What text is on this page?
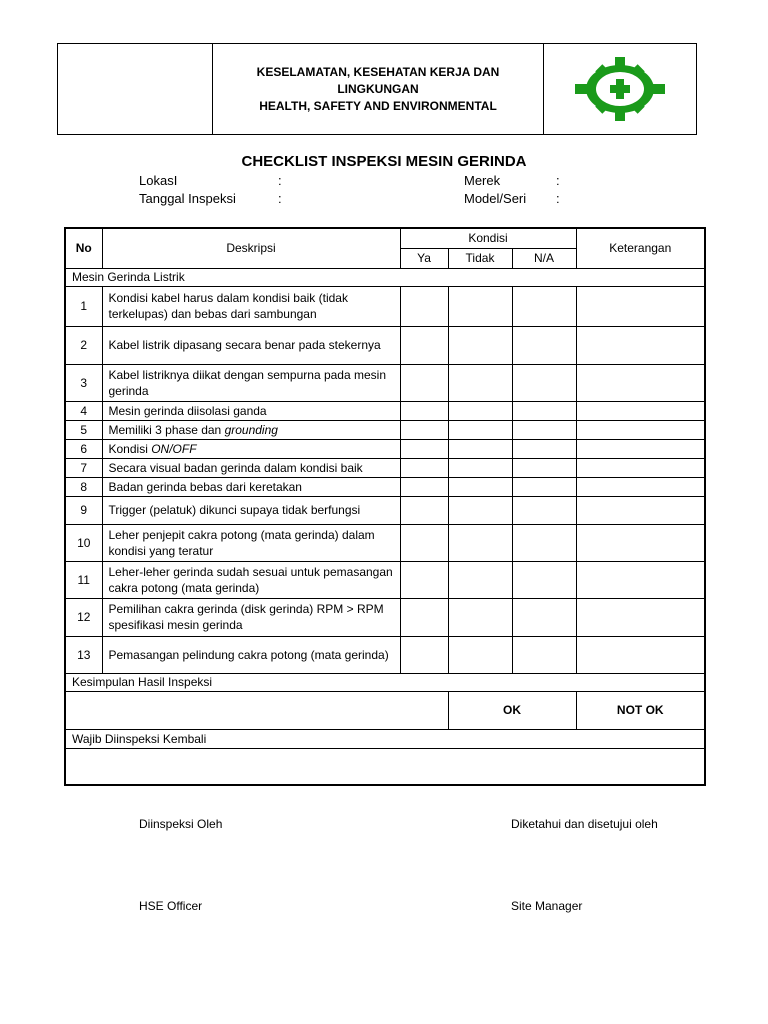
KESELAMATAN, KESEHATAN KERJA DAN
LINGKUNGAN
HEALTH, SAFETY AND ENVIRONMENTAL
CHECKLIST INSPEKSI MESIN GERINDA
LokasI	:
Tanggal Inspeksi	:
Merek	:
Model/Seri :
No	Deskripsi	Kondisi			Keterangan
		Ya	Tidak	N/A	
Mesin Gerinda Listrik					
1	Kondisi kabel harus dalam kondisi baik (tidak terkelupas) dan bebas dari sambungan				
2	Kabel listrik dipasang secara benar pada stekernya				
3	Kabel listriknya diikat dengan sempurna pada mesin gerinda				
4	Mesin gerinda diisolasi ganda				
5	Memiliki 3 phase dan grounding				
6	Kondisi ON/OFF				
7	Secara visual badan gerinda dalam kondisi baik				
8	Badan gerinda bebas dari keretakan				
9	Trigger (pelatuk) dikunci supaya tidak berfungsi				
10	Leher penjepit cakra potong (mata gerinda) dalam kondisi yang teratur				
11	Leher-leher gerinda sudah sesuai untuk pemasangan cakra potong (mata gerinda)				
12	Pemilihan cakra gerinda (disk gerinda) RPM > RPM spesifikasi mesin gerinda				
13	Pemasangan pelindung cakra potong (mata gerinda)				
Kesimpulan Hasil Inspeksi					
			OK		NOT OK
Wajib Diinspeksi Kembali					

Diinspeksi Oleh	Diketahui dan disetujui oleh
HSE Officer	Site Manager
